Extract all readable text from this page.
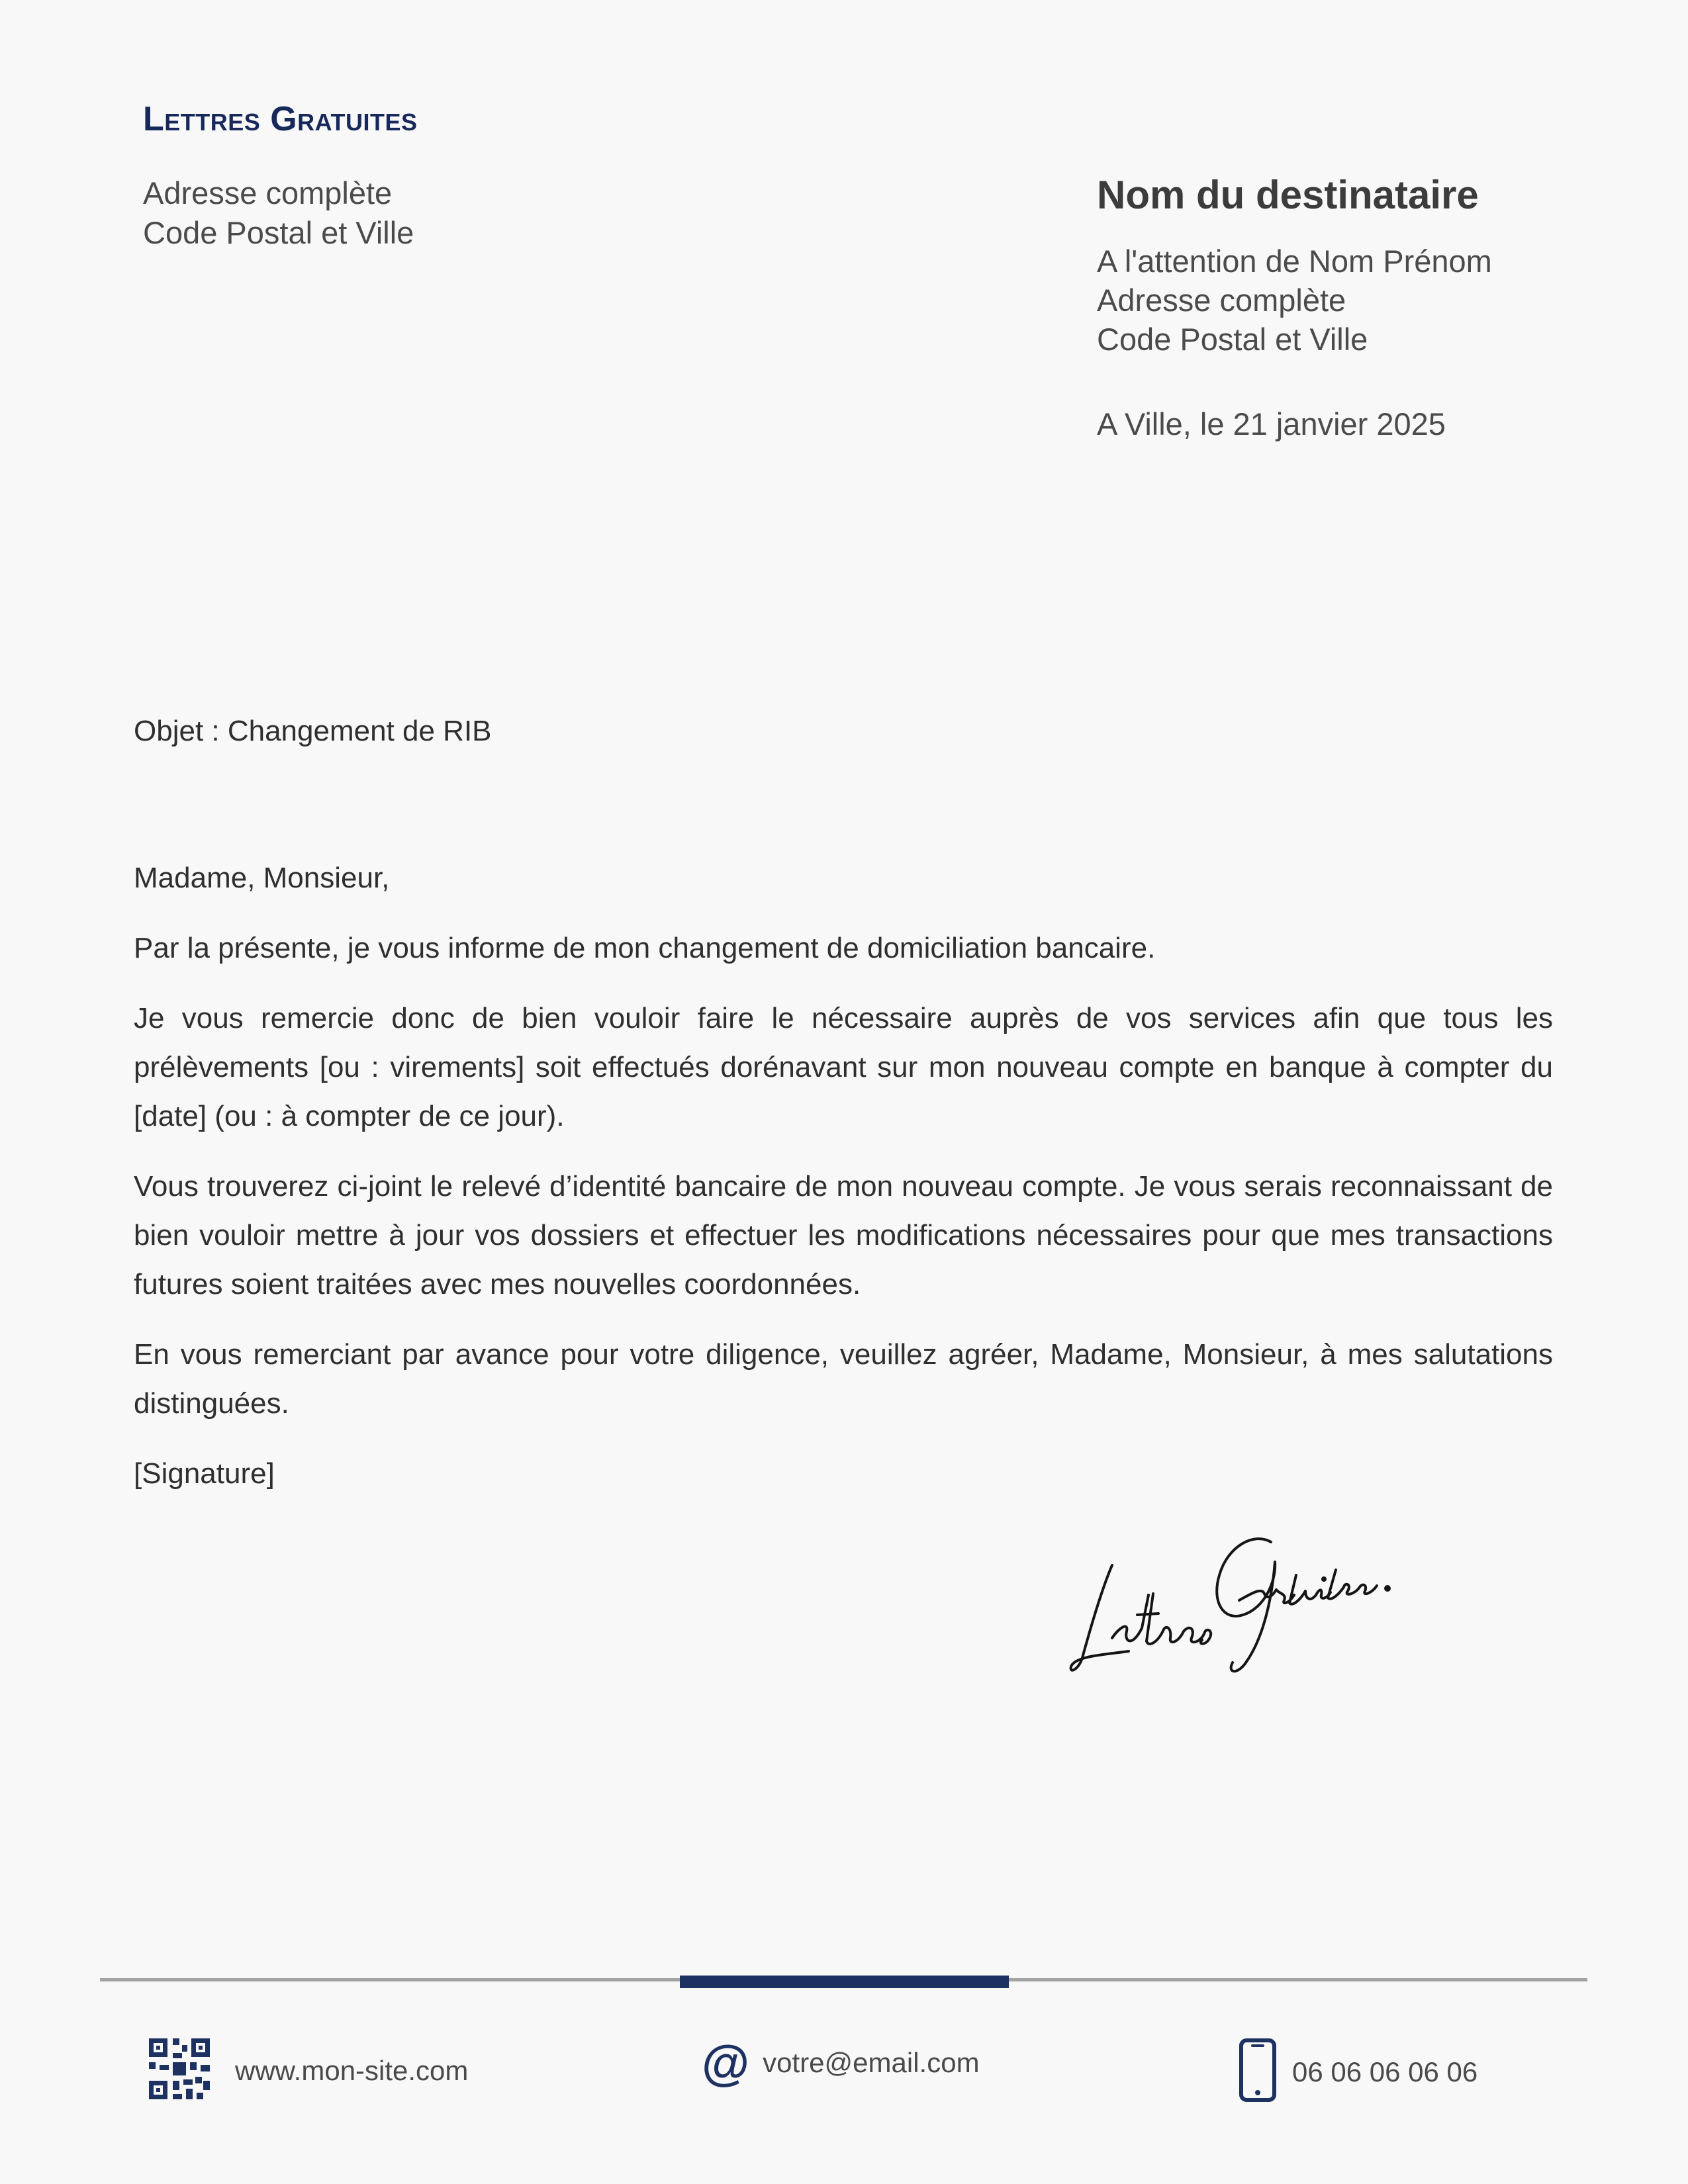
Lettres Gratuites
Adresse complète
Code Postal et Ville
Nom du destinataire
A l'attention de Nom Prénom
Adresse complète
Code Postal et Ville
A Ville, le 21 janvier 2025
Objet : Changement de RIB

Madame, Monsieur,

Par la présente, je vous informe de mon changement de domiciliation bancaire.

Je vous remercie donc de bien vouloir faire le nécessaire auprès de vos services afin que tous les prélèvements [ou : virements] soit effectués dorénavant sur mon nouveau compte en banque à compter du [date] (ou : à compter de ce jour).

Vous trouverez ci-joint le relevé d’identité bancaire de mon nouveau compte. Je vous serais reconnaissant de bien vouloir mettre à jour vos dossiers et effectuer les modifications nécessaires pour que mes transactions futures soient traitées avec mes nouvelles coordonnées.

En vous remerciant par avance pour votre diligence, veuillez agréer, Madame, Monsieur, à mes salutations distinguées.

[Signature]

www.mon-site.com	@ votre@email.com	06 06 06 06 06
